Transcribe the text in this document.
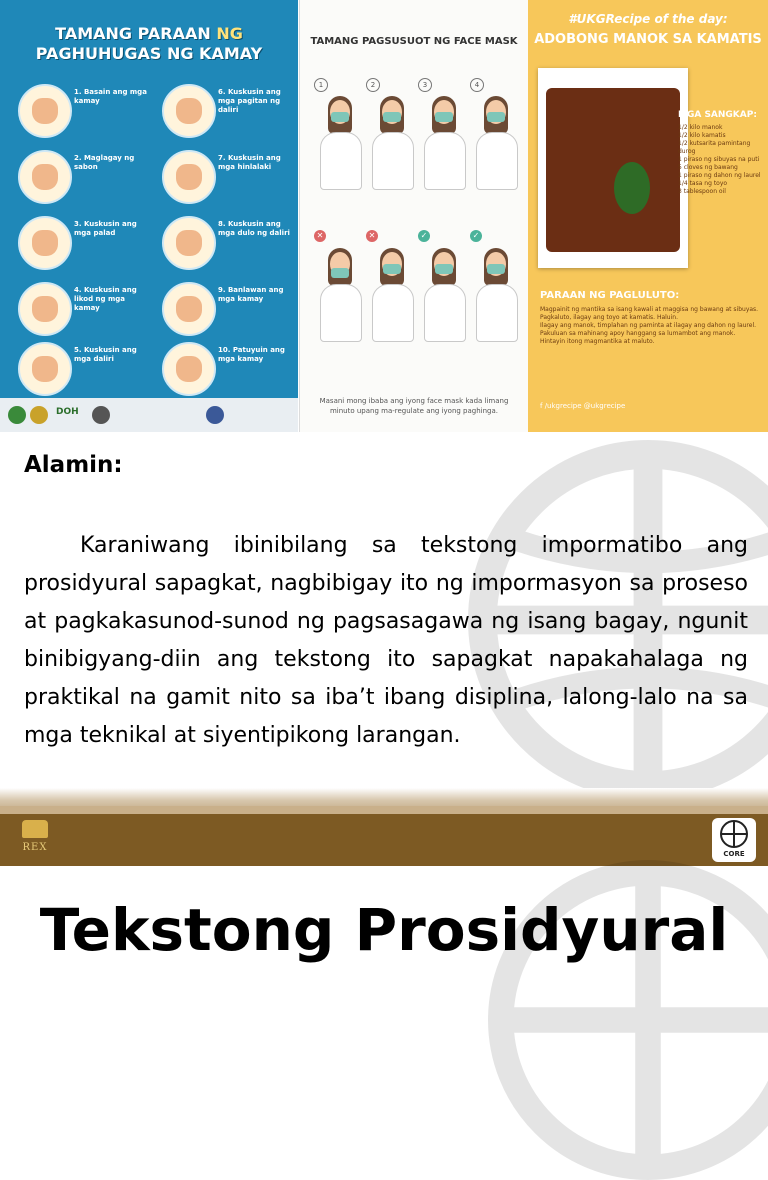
TAMANG PARAAN NG
PAGHUHUGAS NG KAMAY
1. Basain ang mga kamay
2. Maglagay ng sabon
3. Kuskusin ang mga palad
4. Kuskusin ang likod ng mga kamay
5. Kuskusin ang mga daliri
6. Kuskusin ang mga pagitan ng daliri
7. Kuskusin ang mga hinlalaki
8. Kuskusin ang mga dulo ng daliri
9. Banlawan ang mga kamay
10. Patuyuin ang mga kamay
DOH
TAMANG PAGSUSUOT NG FACE MASK
1	2	3	4
✕	✕	✓	✓
Masani mong ibaba ang iyong face mask kada limang minuto upang ma-regulate ang iyong paghinga.
#UKGRecipe of the day:
ADOBONG MANOK SA KAMATIS
MGA SANGKAP:
1/2 kilo manok
1/2 kilo kamatis
1/2 kutsarita pamintang durog
1 piraso ng sibuyas na puti
5 cloves ng bawang
1 piraso ng dahon ng laurel
1/4 tasa ng toyo
3 tablespoon oil
PARAAN NG PAGLULUTO:
Magpainit ng mantika sa isang kawali at maggisa ng bawang at sibuyas.
Pagkaluto, ilagay ang toyo at kamatis. Haluin.
Ilagay ang manok, timplahan ng paminta at ilagay ang dahon ng laurel.
Pakuluan sa mahinang apoy hanggang sa lumambot ang manok.
Hintayin itong magmantika at maluto.
f /ukgrecipe @ukgrecipe
Alamin:

Karaniwang ibinibilang sa tekstong impormatibo ang prosidyural sapagkat, nagbibigay ito ng impormasyon sa proseso at pagkakasunod-sunod ng pagsasagawa ng isang bagay, ngunit binibigyang-diin ang tekstong ito sapagkat napakahalaga ng praktikal na gamit nito sa iba’t ibang disiplina, lalong-lalo na sa mga teknikal at siyentipikong larangan.

REX
CORE
Tekstong Prosidyural
